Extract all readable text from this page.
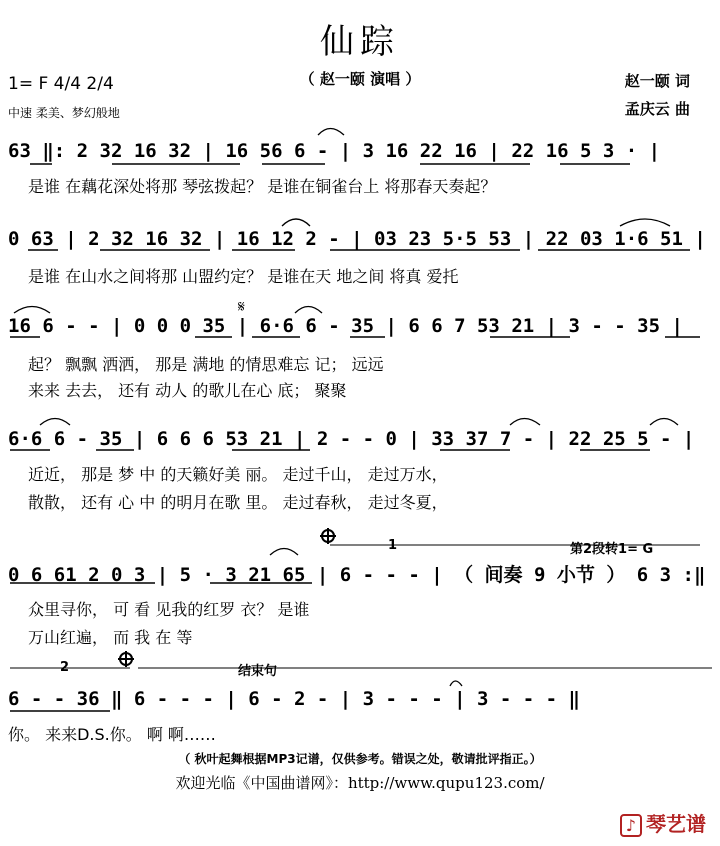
𝄋
仙踪
（ 赵一颐 演唱 ）
1= F 4/4 2/4
中速 柔美、梦幻般地
赵一颐 词
孟庆云 曲
63 ‖: 2 32 16 32 | 16 56 6 - | 3 16 22 16 | 22 16 5 3 · |
是谁 在藕花深处将那 琴弦拨起？ 是谁在铜雀台上 将那春天奏起？
0 63 | 2 32 16 32 | 16 12 2 - | 03 23 5·5 53 | 22 03 1·6 51 |
是谁 在山水之间将那 山盟约定？ 是谁在天 地之间 将真 爱托
16 6 - - | 0 0 0 35 | 6·6 6 - 35 | 6 6 7 53 21 | 3 - - 35 |
起？ 飘飘 洒洒， 那是 满地 的情思难忘 记； 远远
来来 去去， 还有 动人 的歌儿在心 底； 聚聚
6·6 6 - 35 | 6 6 6 53 21 | 2 - - 0 | 33 37 7 - | 22 25 5 - |
近近， 那是 梦 中 的天籁好美 丽。 走过千山， 走过万水，
散散， 还有 心 中 的明月在歌 里。 走过春秋， 走过冬夏，
1	第2段转1= G
0 6 61 2 0 3 | 5 · 3 21 65 | 6 - - - | （ 间奏 9 小节 ） 6 3 :‖
众里寻你， 可 看 见我的红罗 衣？ 是谁
万山红遍， 而 我 在 等
2	结束句
6 - - 36 ‖ 6 - - - | 6 - 2 - | 3 - - - | 3 - - - ‖
你。 来来D.S.你。 啊 啊……
（ 秋叶起舞根据MP3记谱，仅供参考。错误之处，敬请批评指正。）
欢迎光临《中国曲谱网》：http://www.qupu123.com/
♪ 琴艺谱
